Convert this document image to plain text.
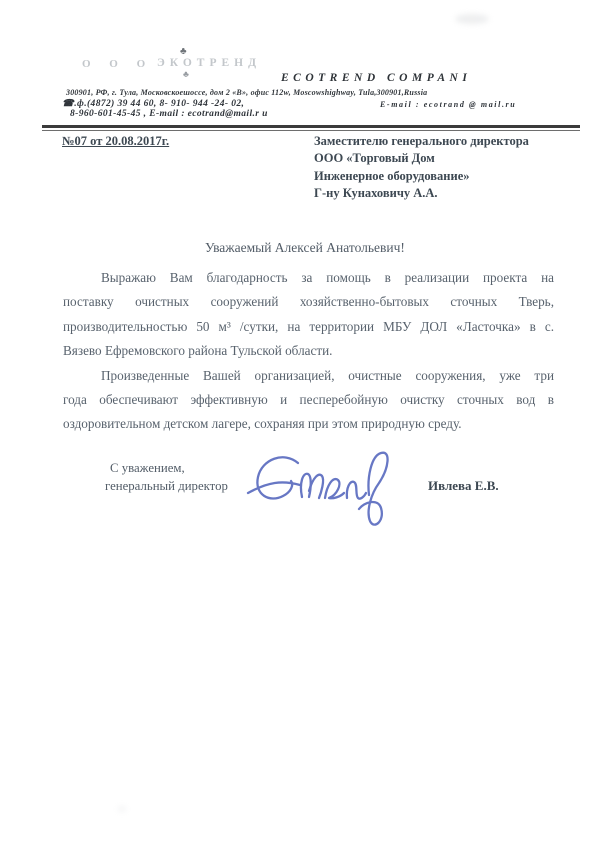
♣
О О О ЭКОТРЕНД
♣	ECOTREND COMPANI
300901, РФ, г. Тула, Московскоешоссе, дом 2 «В», офис 112w, Moscowshighway, Tula,300901,Russia
☎.ф.(4872) 39 44 60, 8- 910- 944 -24- 02,	E-mail : ecotrand @ mail.ru
8-960-601-45-45 , E-mail : ecotrand@mail.r u
№07 от 20.08.2017г.	Заместителю генерального директора
ООО «Торговый Дом
Инженерное оборудование»
Г-ну Кунаховичу А.А.
Уважаемый Алексей Анатольевич!
Выражаю Вам благодарность за помощь в реализации проекта на
поставку очистных сооружений хозяйственно-бытовых сточных Тверь,
производительностью 50 м³ /сутки, на территории МБУ ДОЛ «Ласточка» в с.
Вязево Ефремовского района Тульской области.
Произведенные Вашей организацией, очистные сооружения, уже три
года обеспечивают эффективную и песперебойную очистку сточных вод в
оздоровительном детском лагере, сохраняя при этом природную среду.
С уважением,
генеральный директор	Ивлева Е.В.
